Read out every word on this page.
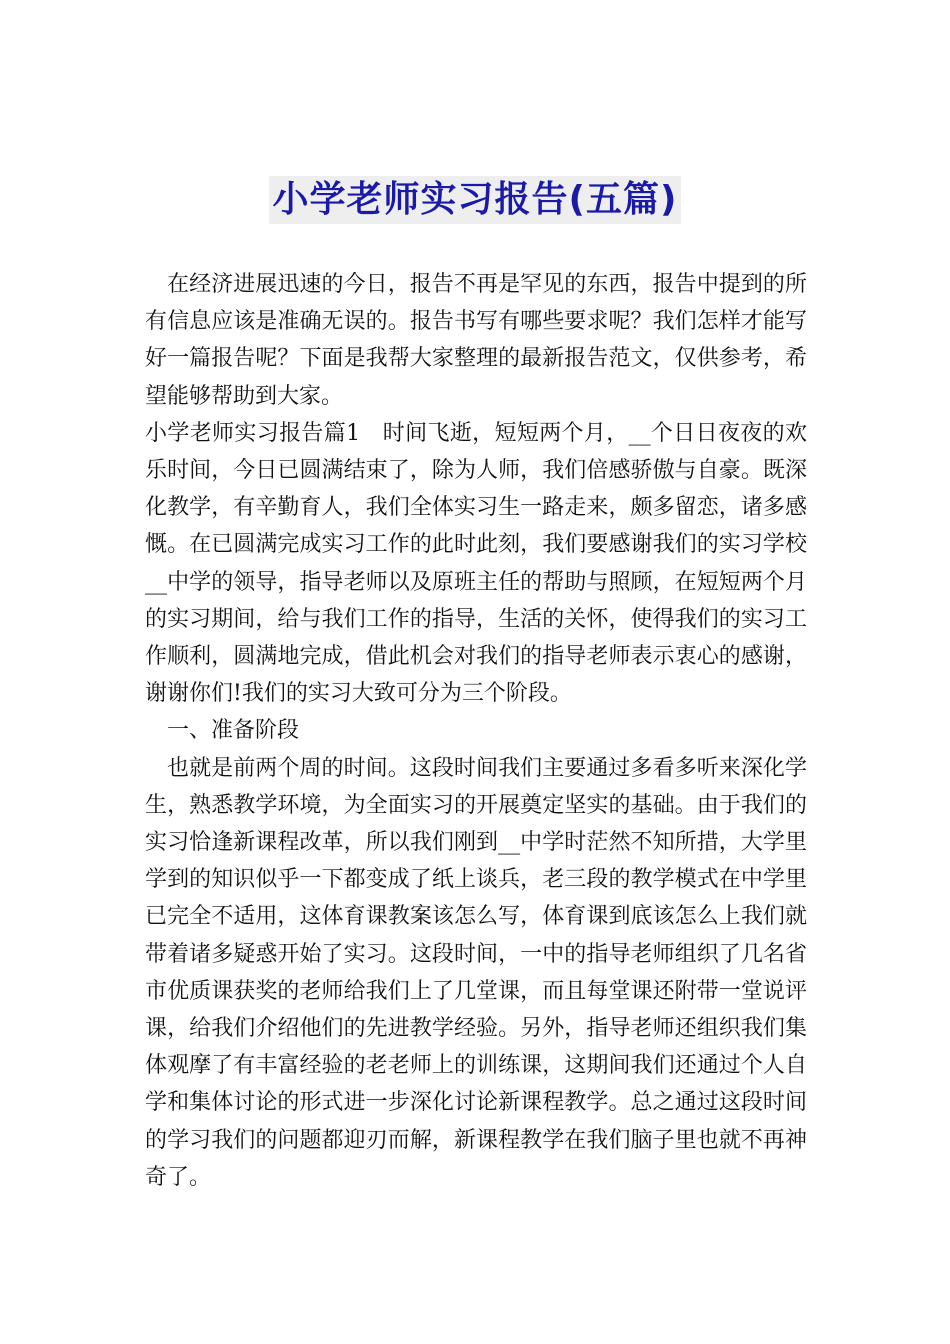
小学老师实习报告(五篇)

在经济进展迅速的今日，报告不再是罕见的东西，报告中提到的所有信息应该是准确无误的。报告书写有哪些要求呢？我们怎样才能写好一篇报告呢？下面是我帮大家整理的最新报告范文，仅供参考，希望能够帮助到大家。

小学老师实习报告篇1　时间飞逝，短短两个月，__个日日夜夜的欢乐时间，今日已圆满结束了，除为人师，我们倍感骄傲与自豪。既深化教学，有辛勤育人，我们全体实习生一路走来，颇多留恋，诸多感慨。在已圆满完成实习工作的此时此刻，我们要感谢我们的实习学校__中学的领导，指导老师以及原班主任的帮助与照顾，在短短两个月的实习期间，给与我们工作的指导，生活的关怀，使得我们的实习工作顺利，圆满地完成，借此机会对我们的指导老师表示衷心的感谢，谢谢你们!我们的实习大致可分为三个阶段。

一、准备阶段

也就是前两个周的时间。这段时间我们主要通过多看多听来深化学生，熟悉教学环境，为全面实习的开展奠定坚实的基础。由于我们的实习恰逢新课程改革，所以我们刚到__中学时茫然不知所措，大学里学到的知识似乎一下都变成了纸上谈兵，老三段的教学模式在中学里已完全不适用，这体育课教案该怎么写，体育课到底该怎么上我们就带着诸多疑惑开始了实习。这段时间，一中的指导老师组织了几名省市优质课获奖的老师给我们上了几堂课，而且每堂课还附带一堂说评课，给我们介绍他们的先进教学经验。另外，指导老师还组织我们集体观摩了有丰富经验的老老师上的训练课，这期间我们还通过个人自学和集体讨论的形式进一步深化讨论新课程教学。总之通过这段时间的学习我们的问题都迎刃而解，新课程教学在我们脑子里也就不再神奇了。
